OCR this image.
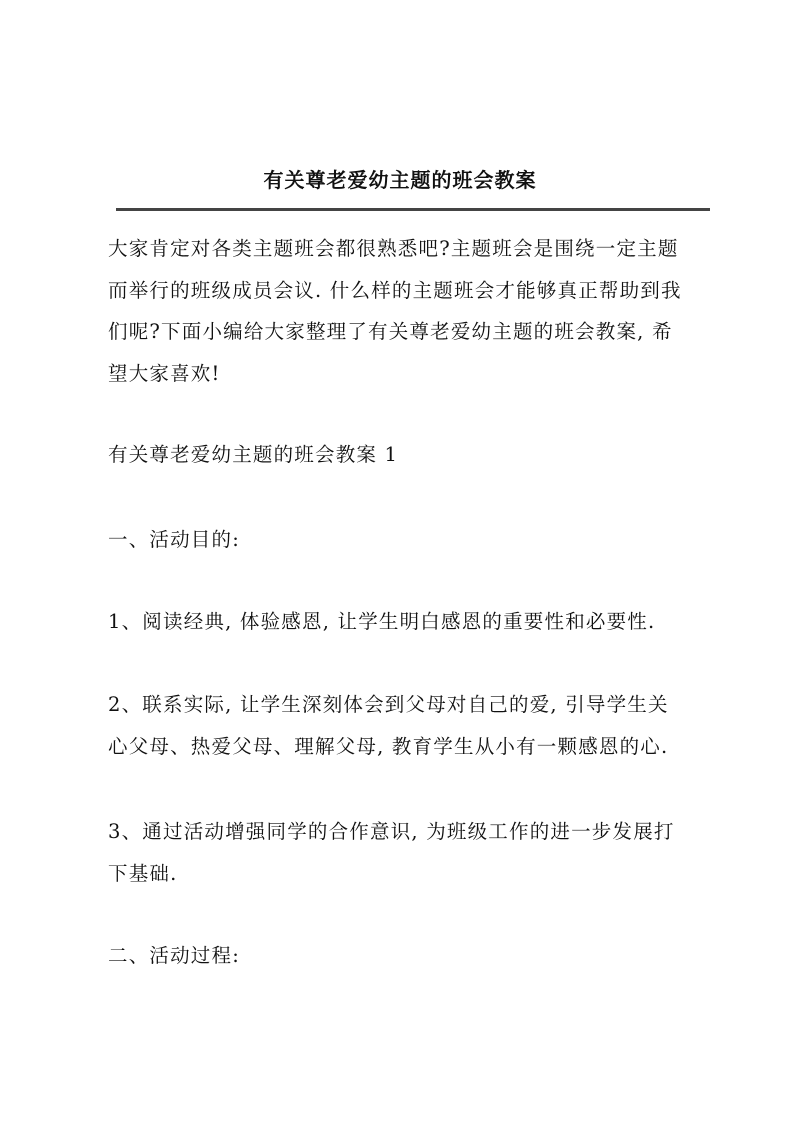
有关尊老爱幼主题的班会教案
大家肯定对各类主题班会都很熟悉吧?主题班会是围绕一定主题
而举行的班级成员会议. 什么样的主题班会才能够真正帮助到我
们呢?下面小编给大家整理了有关尊老爱幼主题的班会教案, 希
望大家喜欢!
有关尊老爱幼主题的班会教案 1
一、活动目的:
1、阅读经典, 体验感恩, 让学生明白感恩的重要性和必要性.
2、联系实际, 让学生深刻体会到父母对自己的爱, 引导学生关
心父母、热爱父母、理解父母, 教育学生从小有一颗感恩的心.
3、通过活动增强同学的合作意识, 为班级工作的进一步发展打
下基础.
二、活动过程:
